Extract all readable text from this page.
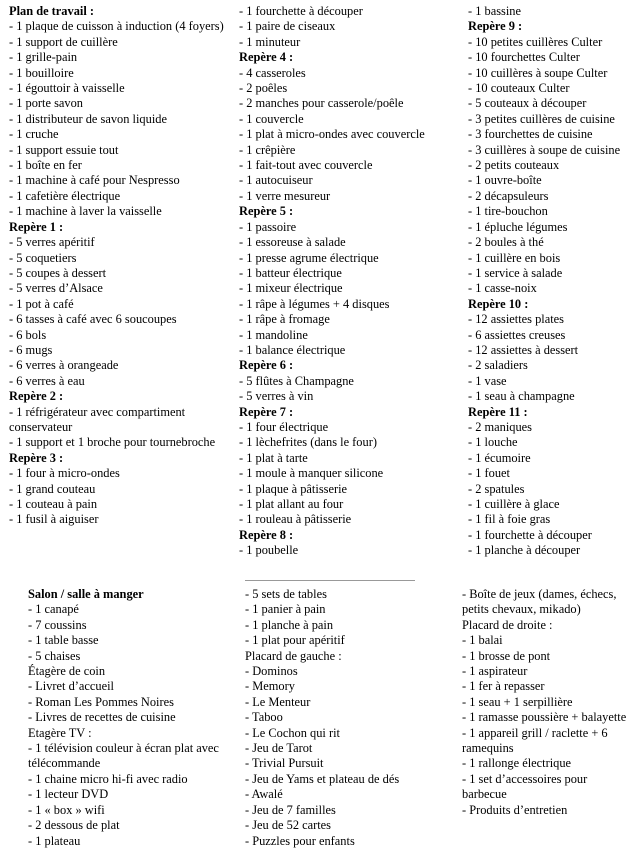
Plan de travail :
- 1 plaque de cuisson à induction (4 foyers)
- 1 support de cuillère
- 1 grille-pain
- 1 bouilloire
- 1 égouttoir à vaisselle
- 1 porte savon
- 1 distributeur de savon liquide
- 1 cruche
- 1 support essuie tout
- 1 boîte en fer
- 1 machine à café pour Nespresso
- 1 cafetière électrique
- 1 machine à laver la vaisselle
Repère 1 :
- 5 verres apéritif
- 5 coquetiers
- 5 coupes à dessert
- 5 verres d’Alsace
- 1 pot à café
- 6 tasses à café avec 6 soucoupes
- 6 bols
- 6 mugs
- 6 verres à orangeade
- 6 verres à eau
Repère 2 :
- 1 réfrigérateur avec compartiment conservateur
- 1 support et 1 broche pour tournebroche
Repère 3 :
- 1 four à micro-ondes
- 1 grand couteau
- 1 couteau à pain
- 1 fusil à aiguiser
- 1 fourchette à découper
- 1 paire de ciseaux
- 1 minuteur
Repère 4 :
- 4 casseroles
- 2 poêles
- 2 manches pour casserole/poêle
- 1 couvercle
- 1 plat à micro-ondes avec couvercle
- 1 crêpière
- 1 fait-tout avec couvercle
- 1 autocuiseur
- 1 verre mesureur
Repère 5 :
- 1 passoire
- 1 essoreuse à salade
- 1 presse agrume électrique
- 1 batteur électrique
- 1 mixeur électrique
- 1 râpe à légumes + 4 disques
- 1 râpe à fromage
- 1 mandoline
- 1 balance électrique
Repère 6 :
- 5 flûtes à Champagne
- 5 verres à vin
Repère 7 :
- 1 four électrique
- 1 lèchefrites (dans le four)
- 1 plat à tarte
- 1 moule à manquer silicone
- 1 plaque à pâtisserie
- 1 plat allant au four
- 1 rouleau à pâtisserie
Repère 8 :
- 1 poubelle
- 1 bassine
Repère 9 :
- 10 petites cuillères Culter
- 10 fourchettes Culter
- 10 cuillères à soupe Culter
- 10 couteaux Culter
- 5 couteaux à découper
- 3 petites cuillères de cuisine
- 3 fourchettes de cuisine
- 3 cuillères à soupe de cuisine
- 2 petits couteaux
- 1 ouvre-boîte
- 2 décapsuleurs
- 1 tire-bouchon
- 1 épluche légumes
- 2 boules à thé
- 1 cuillère en bois
- 1 service à salade
- 1 casse-noix
Repère 10 :
- 12 assiettes plates
- 6 assiettes creuses
- 12 assiettes à dessert
- 2 saladiers
- 1 vase
- 1 seau à champagne
Repère 11 :
- 2 maniques
- 1 louche
- 1 écumoire
- 1 fouet
- 2 spatules
- 1 cuillère à glace
- 1 fil à foie gras
- 1 fourchette à découper
- 1 planche à découper
Salon / salle à manger
- 1 canapé
- 7 coussins
- 1 table basse
- 5 chaises
Étagère de coin
- Livret d’accueil
- Roman Les Pommes Noires
- Livres de recettes de cuisine
Etagère TV :
- 1 télévision couleur à écran plat avec télécommande
- 1 chaine micro hi-fi avec radio
- 1 lecteur DVD
- 1 « box » wifi
- 2 dessous de plat
- 1 plateau
- 5 sets de tables
- 1 panier à pain
- 1 planche à pain
- 1 plat pour apéritif
Placard de gauche :
- Dominos
- Memory
- Le Menteur
- Taboo
- Le Cochon qui rit
- Jeu de Tarot
- Trivial Pursuit
- Jeu de Yams et plateau de dés
- Awalé
- Jeu de 7 familles
- Jeu de 52 cartes
- Puzzles pour enfants
- Boîte de jeux (dames, échecs, petits chevaux, mikado)
Placard de droite :
- 1 balai
- 1 brosse de pont
- 1 aspirateur
- 1 fer à repasser
- 1 seau + 1 serpillière
- 1 ramasse poussière + balayette
- 1 appareil grill / raclette + 6 ramequins
- 1 rallonge électrique
- 1 set d’accessoires pour barbecue
- Produits d’entretien
